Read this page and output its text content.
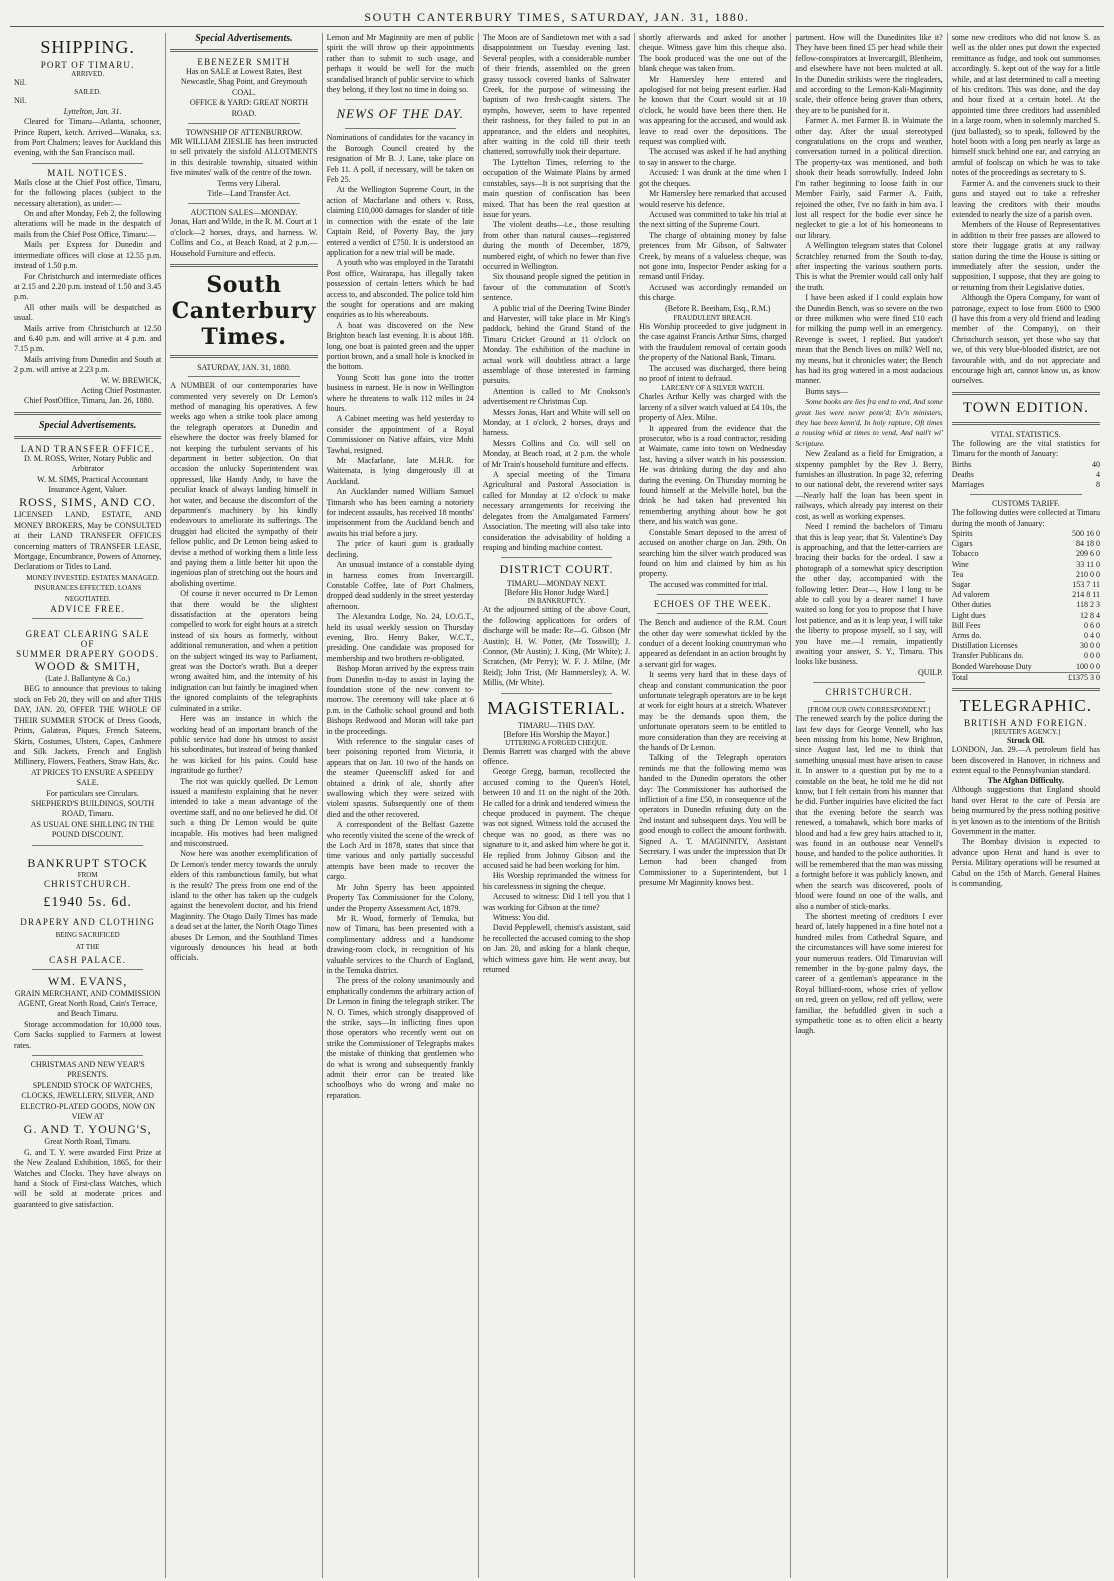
SOUTH CANTERBURY TIMES, SATURDAY, JAN. 31, 1880.
SHIPPING.
PORT OF TIMARU.
ARRIVED.

Nil.

SAILED.

Nil.

Lyttelton, Jan. 31.

Cleared for Timaru—Atlanta, schooner, Prince Rupert, ketch. Arrived—Wanaka, s.s. from Port Chalmers; leaves for Auckland this evening, with the San Francisco mail.

MAIL NOTICES.

Mails close at the Chief Post office, Timaru, for the following places (subject to the necessary alteration), as under:—

On and after Monday, Feb 2, the following alterations will be made in the despatch of mails from the Chief Post Office, Timaru:—

Mails per Express for Dunedin and intermediate offices will close at 12.55 p.m. instead of 1.50 p.m.

For Christchurch and intermediate offices at 2.15 and 2.20 p.m. instead of 1.50 and 3.45 p.m.

All other mails will be despatched as usual.

Mails arrive from Christchurch at 12.50 and 6.40 p.m. and will arrive at 4 p.m. and 7.15 p.m.

Mails arriving from Dunedin and South at 2 p.m. will arrive at 2.23 p.m.

W. W. BREWICK,

Acting Chief Postmaster.

Chief PostOffice, Timaru, Jan. 26, 1880.

Special Advertisements.
LAND TRANSFER OFFICE.

D. M. ROSS, Writer, Notary Public and Arbitrator

W. M. SIMS, Practical Accountant Insurance Agent, Valuer.

ROSS, SIMS, AND CO.

LICENSED LAND, ESTATE, AND MONEY BROKERS, May be CONSULTED at their LAND TRANSFER OFFICES concerning matters of TRANSFER LEASE, Mortgage, Encumbrance, Powers of Attorney, Declarations or Titles to Land.

MONEY INVESTED. ESTATES MANAGED. INSURANCES EFFECTED. LOANS NEGOTIATED.

ADVICE FREE.
GREAT CLEARING SALE
OF
SUMMER DRAPERY GOODS.
WOOD & SMITH,

(Late J. Ballantyne & Co.)

BEG to announce that previous to taking stock on Feb 20, they will on and after THIS DAY, JAN. 20, OFFER THE WHOLE OF THEIR SUMMER STOCK of Dress Goods, Prints, Galateas, Piques, French Sateens, Skirts, Costumes, Ulsters, Capes, Cashmere and Silk Jackets, French and English Millinery, Flowers, Feathers, Straw Hats, &c.

AT PRICES TO ENSURE A SPEEDY SALE.

For particulars see Circulars.

SHEPHERD'S BUILDINGS, SOUTH ROAD, Timaru.

AS USUAL ONE SHILLING IN THE POUND DISCOUNT.

BANKRUPT STOCK
FROM
CHRISTCHURCH.
£1940 5s. 6d.
DRAPERY AND CLOTHING
BEING SACRIFICED
AT THE
CASH PALACE.
WM. EVANS,

GRAIN MERCHANT, AND COMMISSION AGENT, Great North Road, Cain's Terrace, and Beach Timaru.

Storage accommodation for 10,000 tous. Corn Sacks supplied to Farmers at lowest rates.

CHRISTMAS AND NEW YEAR'S PRESENTS.

SPLENDID STOCK OF WATCHES, CLOCKS, JEWELLERY, SILVER, AND ELECTRO-PLATED GOODS, NOW ON VIEW AT

G. AND T. YOUNG'S,

Great North Road, Timaru.

G. and T. Y. were awarded First Prize at the New Zealand Exhibition, 1865, for their Watches and Clocks. They have always on hand a Stock of First-class Watches, which will be sold at moderate prices and guaranteed to give satisfaction.

Special Advertisements.
EBENEZER SMITH

Has on SALE at Lowest Rates, Best Newcastle, Shag Point, and Greymouth COAL.

OFFICE & YARD: GREAT NORTH ROAD.

TOWNSHIP OF ATTENBURROW.

MR WILLIAM ZIESLIE has been instructed to sell privately the sixfold ALLOTMENTS in this desirable township, situated within five minutes' walk of the centre of the town.

Terms very Liberal.

Title—Land Transfer Act.

AUCTION SALES—MONDAY.

Jonas, Hart and Wilde, in the R. M. Court at 1 o'clock—2 horses, drays, and harness. W. Collins and Co., at Beach Road, at 2 p.m.—Household Furniture and effects.

South Canterbury Times.
SATURDAY, JAN. 31, 1880.

A NUMBER of our contemporaries have commented very severely on Dr Lemon's method of managing his operatives. A few weeks ago when a strike took place among the telegraph operators at Dunedin and elsewhere the doctor was freely blamed for not keeping the turbulent servants of his department in better subjection. On that occasion the unlucky Superintendent was oppressed, like Handy Andy, to have the peculiar knack of always landing himself in hot water, and because the discomfort of the department's machinery by his kindly endeavours to ameliorate its sufferings. The druggist had elicited the sympathy of their fellow public, and Dr Lemon being asked to devise a method of working them a little less and paying them a little better hit upon the ingenious plan of stretching out the hours and abolishing overtime.

Of course it never occurred to Dr Lemon that there would be the slightest dissatisfaction at the operators being compelled to work for eight hours at a stretch instead of six hours as formerly, without additional remuneration, and when a petition on the subject winged its way to Parliament, great was the Doctor's wrath. But a deeper wrong awaited him, and the intensity of his indignation can but faintly be imagined when the ignored complaints of the telegraphists culminated in a strike.

Here was an instance in which the working head of an important branch of the public service had done his utmost to assist his subordinates, but instead of being thanked he was kicked for his pains. Could base ingratitude go further?

The riot was quickly quelled. Dr Lemon issued a manifesto explaining that he never intended to take a mean advantage of the overtime staff, and no one believed he did. Of such a thing Dr Lemon would be quite incapable. His motives had been maligned and misconstrued.

Now here was another exemplification of Dr Lemon's tender mercy towards the unruly elders of this rambunctious family, but what is the result? The press from one end of the island to the other has taken up the cudgels against the benevolent doctor, and his friend Maginnity. The Otago Daily Times has made a dead set at the latter, the North Otago Times abuses Dr Lemon, and the Southland Times vigorously denounces his head at both officials.

Lemon and Mr Maginnity are men of public spirit the will throw up their appointments rather than to submit to such usage, and perhaps it would be well for the much scandalised branch of public service to which they belong, if they lost no time in doing so.

NEWS OF THE DAY.

Nominations of candidates for the vacancy in the Borough Council created by the resignation of Mr B. J. Lane, take place on Feb 11. A poll, if necessary, will be taken on Feb 25.

At the Wellington Supreme Court, in the action of Macfarlane and others v. Ross, claiming £10,000 damages for slander of title in connection with the estate of the late Captain Reid, of Poverty Bay, the jury entered a verdict of £750. It is understood an application for a new trial will be made.

A youth who was employed in the Taratahi Post office, Wairarapa, has illegally taken possession of certain letters which he had access to, and absconded. The police told him the sought for operations and are making enquiries as to his whereabouts.

A boat was discovered on the New Brighton beach last evening. It is about 18ft. long, one boat is painted green and the upper portion brown, and a small hole is knocked in the bottom.

Young Scott has gone into the trotter business in earnest. He is now in Wellington where he threatens to walk 112 miles in 24 hours.

A Cabinet meeting was held yesterday to consider the appointment of a Royal Commissioner on Native affairs, vice Mohi Tawhai, resigned.

Mr Macfarlane, late M.H.R. for Waitemata, is lying dangerously ill at Auckland.

An Aucklander named William Samuel Titmarsh who has been earning a notoriety for indecent assaults, has received 18 months' imprisonment from the Auckland bench and awaits his trial before a jury.

The price of kauri gum is gradually declining.

An unusual instance of a constable dying in harness comes from Invercargill. Constable Coffee, late of Port Chalmers, dropped dead suddenly in the street yesterday afternoon.

The Alexandra Lodge, No. 24, I.O.G.T., held its usual weekly session on Thursday evening, Bro. Henry Baker, W.C.T., presiding. One candidate was proposed for membership and two brothers re-obligated.

Bishop Moran arrived by the express train from Dunedin to-day to assist in laying the foundation stone of the new convent to-morrow. The ceremony will take place at 6 p.m. in the Catholic school ground and both Bishops Redwood and Moran will take part in the proceedings.

With reference to the singular cases of beer poisoning reported from Victoria, it appears that on Jan. 10 two of the hands on the steamer Queenscliff asked for and obtained a drink of ale, shortly after swallowing which they were seized with violent spasms. Subsequently one of them died and the other recovered.

A correspondent of the Belfast Gazette who recently visited the scene of the wreck of the Loch Ard in 1878, states that since that time various and only partially successful attempts have been made to recover the cargo.

Mr John Sperry has been appointed Property Tax Commissioner for the Colony, under the Property Assessment Act, 1879.

Mr R. Wood, formerly of Temuka, but now of Timaru, has been presented with a complimentary address and a handsome drawing-room clock, in recognition of his valuable services to the Church of England, in the Temuka district.

The press of the colony unanimously and emphatically condemns the arbitrary action of Dr Lemon in fining the telegraph striker. The N. O. Times, which strongly disapproved of the strike, says—In inflicting fines upon those operators who recently went out on strike the Commissioner of Telegraphs makes the mistake of thinking that gentlemen who do what is wrong and subsequently frankly admit their error can be treated like schoolboys who do wrong and make no reparation.

The Moon are of Sandietown met with a sad disappointment on Tuesday evening last. Several peoples, with a considerable number of their friends, assembled on the green grassy tussock covered banks of Saltwater Creek, for the purpose of witnessing the baptism of two fresh-caught sisters. The nymphs, however, seem to have repented their rashness, for they failed to put in an appearance, and the elders and neophites, after waiting in the cold till their teeth chattered, sorrowfully took their departure.

The Lyttelton Times, referring to the occupation of the Waimate Plains by armed constables, says—It is not surprising that the main question of confiscation has been mixed. That has been the real question at issue for years.

The violent deaths—i.e., those resulting from other than natural causes—registered during the month of December, 1879, numbered eight, of which no fewer than five occurred in Wellington.

Six thousand people signed the petition in favour of the commutation of Scott's sentence.

A public trial of the Deering Twine Binder and Harvester, will take place in Mr King's paddock, behind the Grand Stand of the Timaru Cricket Ground at 11 o'clock on Monday. The exhibition of the machine in actual work will doubtless attract a large assemblage of those interested in farming pursuits.

Attention is called to Mr Cookson's advertisement re Christmas Cup.

Messrs Jonas, Hart and White will sell on Monday, at 1 o'clock, 2 horses, drays and harness.

Messrs Collins and Co. will sell on Monday, at Beach road, at 2 p.m. the whole of Mr Train's household furniture and effects.

A special meeting of the Timaru Agricultural and Pastoral Association is called for Monday at 12 o'clock to make necessary arrangements for receiving the delegates from the Amalgamated Farmers' Association. The meeting will also take into consideration the advisability of holding a reaping and binding machine contest.

DISTRICT COURT.
TIMARU—MONDAY NEXT.
[Before His Honor Judge Ward.]
IN BANKRUPTCY.

At the adjourned sitting of the above Court, the following applications for orders of discharge will be made: Re—G. Gibson (Mr Austin); H. W. Potter, (Mr Tosswill); J. Connor, (Mr Austin); J. King, (Mr White); J. Scratchen, (Mr Perry); W. F. J. Milne, (Mr Reid); John Trist, (Mr Hammersley); A. W. Millis, (Mr White).

MAGISTERIAL.
TIMARU—THIS DAY.
[Before His Worship the Mayor.]
UTTERING A FORGED CHEQUE.

Dennis Barrett was charged with the above offence.

George Gregg, barman, recollected the accused coming to the Queen's Hotel, between 10 and 11 on the night of the 20th. He called for a drink and tendered witness the cheque produced in payment. The cheque was not signed. Witness told the accused the cheque was no good, as there was no signature to it, and asked him where he got it. He replied from Johnny Gibson and the accused said he had been working for him.

His Worship reprimanded the witness for his carelessness in signing the cheque.

Accused to witness: Did I tell you that I was working for Gibson at the time?

Witness: You did.

David Pepplewell, chemist's assistant, said he recollected the accused coming to the shop on Jan. 20, and asking for a blank cheque, which witness gave him. He went away, but returned

shortly afterwards and asked for another cheque. Witness gave him this cheque also. The book produced was the one out of the blank cheque was taken from.

Mr Hamersley here entered and apologised for not being present earlier. Had he known that the Court would sit at 10 o'clock, he would have been there then. He was appearing for the accused, and would ask leave to read over the depositions. The request was complied with.

The accused was asked if he had anything to say in answer to the charge.

Accused: I was drunk at the time when I got the cheques.

Mr Hamersley here remarked that accused would reserve his defence.

Accused was committed to take his trial at the next sitting of the Supreme Court.

The charge of obtaining money by false pretences from Mr Gibson, of Saltwater Creek, by means of a valueless cheque, was not gone into, Inspector Pender asking for a remand until Friday.

Accused was accordingly remanded on this charge.

(Before R. Beetham, Esq., R.M.)

FRAUDULENT BREACH.

His Worship proceeded to give judgment in the case against Francis Arthur Sims, charged with the fraudulent removal of certain goods the property of the National Bank, Timaru.

The accused was discharged, there being no proof of intent to defraud.

LARCENY OF A SILVER WATCH.

Charles Arthur Kelly was charged with the larceny of a silver watch valued at £4 10s, the property of Alex. Milne.

It appeared from the evidence that the prosecutor, who is a road contractor, residing at Waimate, came into town on Wednesday last, having a silver watch in his possession. He was drinking during the day and also during the evening. On Thursday morning he found himself at the Melville hotel, but the drink he had taken had prevented his remembering anything about how he got there, and his watch was gone.

Constable Smart deposed to the arrest of accused on another charge on Jan. 29th. On searching him the silver watch produced was found on him and claimed by him as his property.

The accused was committed for trial.

ECHOES OF THE WEEK.

The Bench and audience of the R.M. Court the other day were somewhat tickled by the conduct of a decent looking countryman who appeared as defendant in an action brought by a servant girl for wages.

It seems very hard that in these days of cheap and constant communication the poor unfortunate telegraph operators are to be kept at work for eight hours at a stretch. Whatever may be the demands upon them, the unfortunate operators seem to be entitled to more consideration than they are receiving at the hands of Dr Lemon.

Talking of the Telegraph operators reminds me that the following memo was handed to the Dunedin operators the other day: The Commissioner has authorised the infliction of a fine £50, in consequence of the operators in Dunedin refusing duty on the 2nd instant and subsequent days. You will be good enough to collect the amount forthwith. Signed A. T. MAGINNITY, Assistant Secretary. I was under the impression that Dr Lemon had been changed from Commissioner to a Superintendent, but I presume Mr Maginnity knows best.

partment. How will the Dunedinites like it? They have been fined £5 per head while their fellow-conspirators at Invercargill, Blenheim, and elsewhere have not been mulcted at all. In the Dunedin strikists were the ringleaders, and according to the Lemon-Kali-Maginnity scale, their offence being graver than others, they are to be punished for it.

Farmer A. met Farmer B. in Waimate the other day. After the usual stereotyped congratulations on the crops and weather, conversation turned in a political direction. The property-tax was mentioned, and both shook their heads sorrowfully. Indeed John I'm rather beginning to loose faith in our Member Fairly, said Farmer A. Faith, rejoined the other, I've no faith in him ava. I lost all respect for the bodie ever since he neglecket to gie a lot of his homeoneans to our library.

A Wellington telegram states that Colonel Scratchley returned from the South to-day, after inspecting the various southern ports. This is what the Premier would call only half the truth.

I have been asked if I could explain how the Dunedin Bench, was so severe on the two or three milkmen who were fined £10 each for milking the pump well in an emergency. Revenge is sweet, I replied. But yaudon't mean that the Bench lives on milk? Well no, my means, but it chronicles water; the Bench has had its grog watered in a most audacious manner.

Bums says—

Some books are lies fra end to end, And some great lies were never penn'd; Ev'n ministers, they hae been kenn'd, In holy rapture, Oft times a rousing whid at times to vend, And nail't wi' Scripture.

New Zealand as a field for Emigration, a sixpenny pamphlet by the Rev J. Berry, furnishes an illustration. In page 32, referring to our national debt, the reverend writer says—Nearly half the loan has been spent in railways, which already pay interest on their cost, as well as working expenses.

Need I remind the bachelors of Timaru that this is leap year; that St. Valentine's Day is approaching, and that the letter-carriers are bracing their backs for the ordeal. I saw a photograph of a somewhat spicy description the other day, accompanied with the following letter: Dear—, How I long to be able to call you by a dearer name! I have waited so long for you to propose that I have lost patience, and as it is leap year, I will take the liberty to propose myself, so I say, will you have me.—I remain, impatiently awaiting your answer, S. Y., Timaru. This looks like business.

QUILP.

CHRISTCHURCH.
[FROM OUR OWN CORRESPONDENT.]

The renewed search by the police during the last few days for George Vennell, who has been missing from his home, New Brighton, since August last, led me to think that something unusual must have arisen to cause it. In answer to a question put by me to a constable on the beat, he told me he did not know, but I felt certain from his manner that he did. Further inquiries have elicited the fact that the evening before the search was renewed, a tomahawk, which bore marks of blood and had a few grey hairs attached to it, was found in an outhouse near Vennell's house, and handed to the police authorities. It will be remembered that the man was missing a fortnight before it was publicly known, and when the search was discovered, pools of blood were found on one of the walls, and also a number of stick-marks.

The shortest meeting of creditors I ever heard of, lately happened in a fine hotel not a hundred miles from Cathedral Square, and the circumstances will have some interest for your numerous readers. Old Timaruvian will remember in the by-gone palmy days, the career of a gentleman's appearance in the Royal billiard-room, whose cries of yellow on red, green on yellow, red off yellow, were familiar, the befuddled given in such a sympathetic tone as to often elicit a hearty laugh.

some new creditors who did not know S. as well as the older ones put down the expected remittance as fudge, and took out summonses accordingly. S. kept out of the way for a little while, and at last determined to call a meeting of his creditors. This was done, and the day and hour fixed at a certain hotel. At the appointed time three creditors had assembled in a large room, when in solemnly marched S. (just ballasted), so to speak, followed by the hotel boots with a long pen nearly as large as himself stuck behind one ear, and carrying an armful of foolscap on which he was to take notes of the proceedings as secretary to S.

Farmer A. and the conveners stuck to their guns and stayed out to take a refresher leaving the creditors with their mouths extended to nearly the size of a parish oven.

Members of the House of Representatives in addition to their free passes are allowed to store their luggage gratis at any railway station during the time the House is sitting or immediately after the session, under the supposition, I suppose, that they are going to or returning from their Legislative duties.

Although the Opera Company, for want of patronage, expect to lose from £600 to £900 (I have this from a very old friend and leading member of the Company), on their Christchurch season, yet those who say that we, of this very blue-blooded district, are not favourable with, and do not appreciate and encourage high art, cannot know us, as know ourselves.

TOWN EDITION.
VITAL STATISTICS.

The following are the vital statistics for Timaru for the month of January:

Births	40
Deaths	4
Marriages	8
CUSTOMS TARIFF.

The following duties were collected at Timaru during the month of January:

Spirits	500 16 0
Cigars	84 18 0
Tobacco	209 6 0
Wine	33 11 0
Tea	210 0 0
Sugar	153 7 11
Ad valorem	214 8 11
Other duties	118 2 3
Light dues	12 8 4
Bill Fees	0 6 0
Arms do.	0 4 0
Distillation Licenses	30 0 0
Transfer Publicans do.	0 0 0
Bonded Warehouse Duty	100 0 0
Total	£1375 3 0
TELEGRAPHIC.
BRITISH AND FOREIGN.
[REUTER'S AGENCY.]
Struck Oil.

LONDON, Jan. 29.—A petroleum field has been discovered in Hanover, in richness and extent equal to the Pennsylvanian standard.

The Afghan Difficulty.

Although suggestions that England should hand over Herat to the care of Persia are being murmured by the press nothing positive is yet known as to the intentions of the British Government in the matter.

The Bombay division is expected to advance upon Herat and hand is over to Persia. Military operations will be resumed at Cabul on the 15th of March. General Haines is commanding.
